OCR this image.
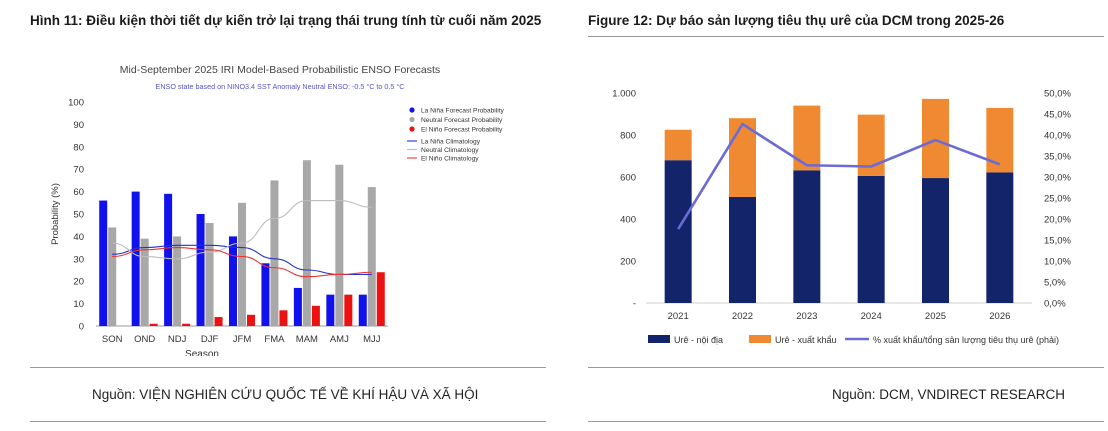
Hình 11: Điều kiện thời tiết dự kiến trở lại trạng thái trung tính từ cuối năm 2025
Mid-September 2025 IRI Model-Based Probabilistic ENSO Forecasts
ENSO state based on NINO3.4 SST Anomaly Neutral ENSO: -0.5 °C to 0.5 °C
0
10
20
30
40
50
60
70
80
90
100
Probability (%)
Season
SON OND NDJ DJF JFM FMA MAM AMJ MJJ
La Niña Forecast Probability
Neutral Forecast Probability
El Niño Forecast Probability
La Niña Climatology
Neutral Climatology
El Niño Climatology
Nguồn: VIỆN NGHIÊN CỨU QUỐC TẾ VỀ KHÍ HẬU VÀ XÃ HỘI
Figure 12: Dự báo sản lượng tiêu thụ urê của DCM trong 2025-26
-
200
400
600
800
1.000
0,0%
5,0%
10,0%
15,0%
20,0%
25,0%
30,0%
35,0%
40,0%
45,0%
50,0%
2021	2022	2023	2024	2025	2026
Urê - nội địa	Urê - xuất khẩu	% xuất khẩu/tổng sản lượng tiêu thụ urê (phải)
Nguồn: DCM, VNDIRECT RESEARCH
